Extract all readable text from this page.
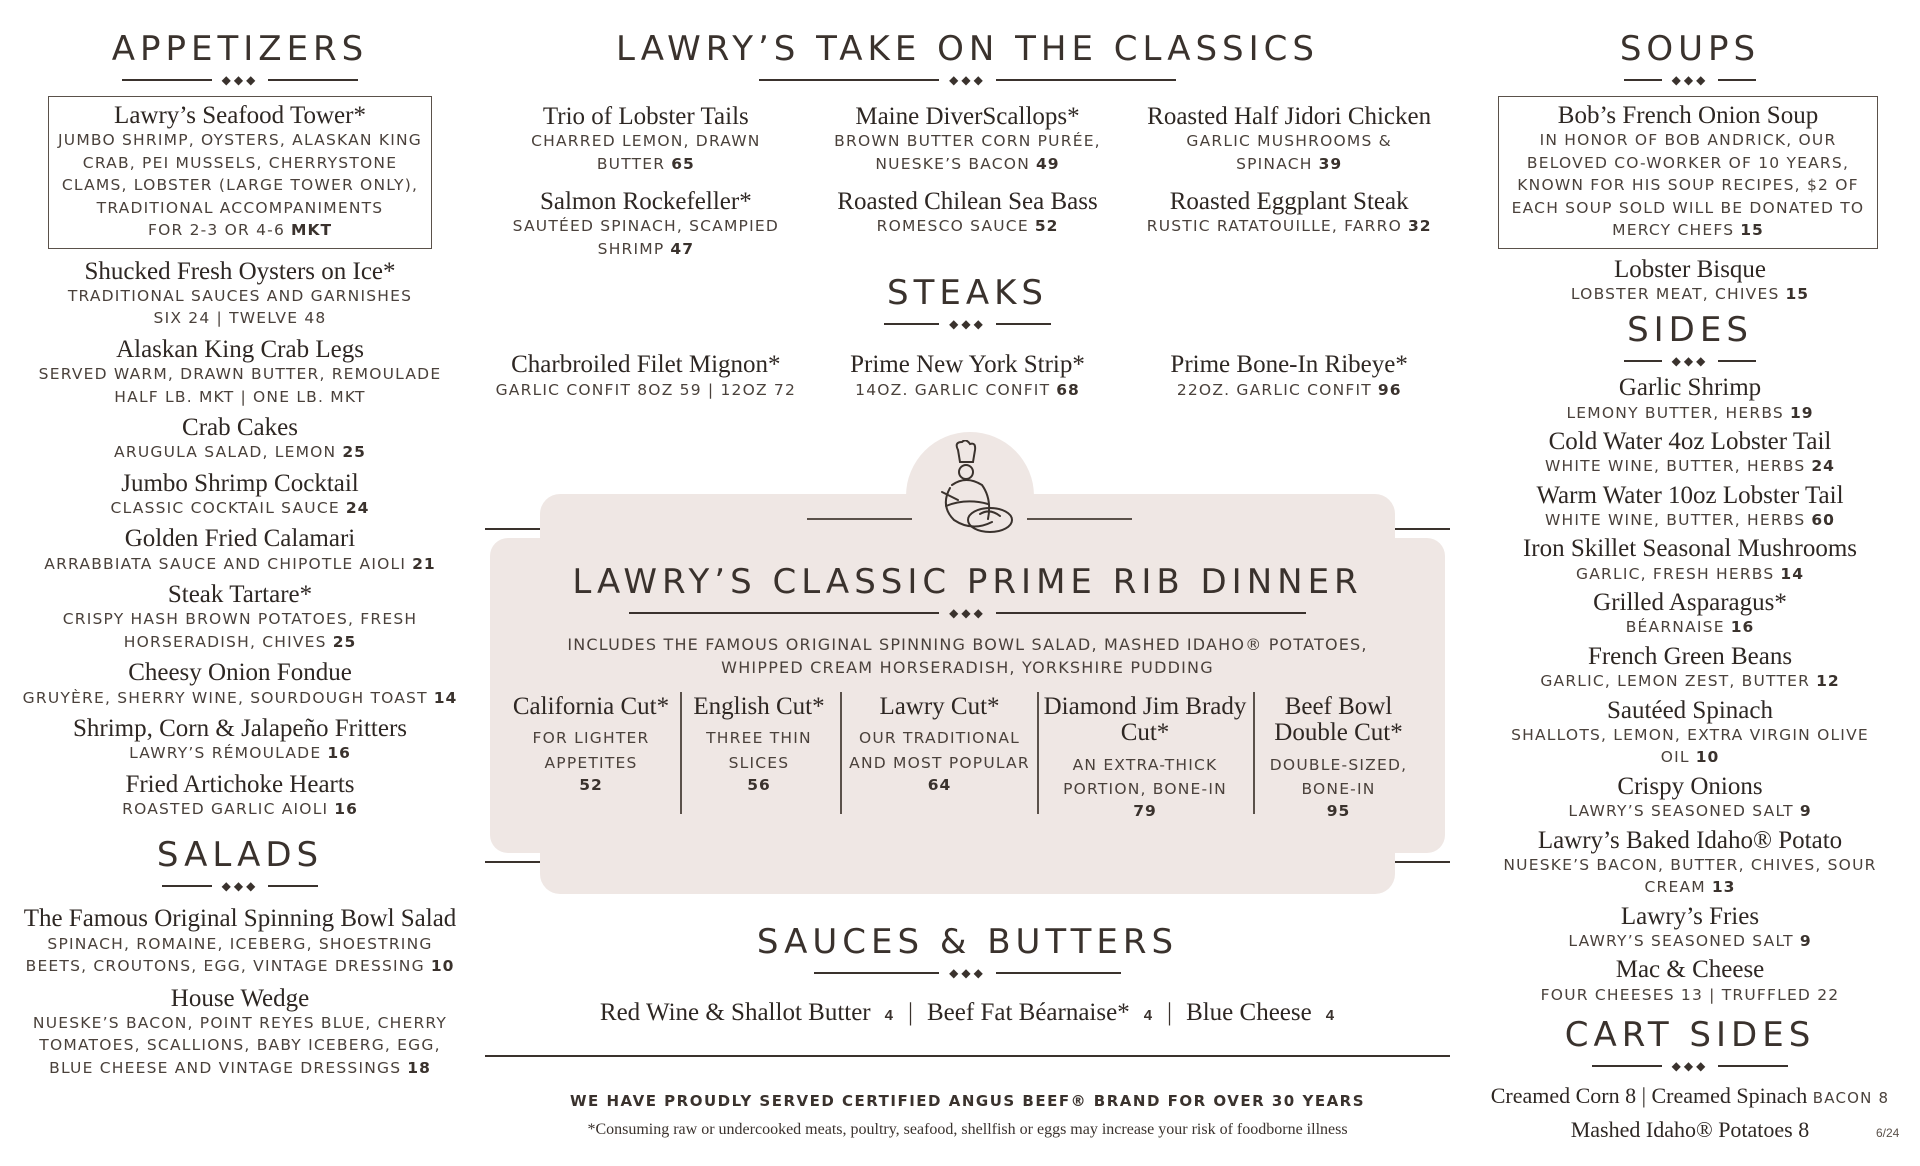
APPETIZERS
◆◆◆
Lawry’s Seafood Tower*
JUMBO SHRIMP, OYSTERS, ALASKAN KING CRAB, PEI MUSSELS, CHERRYSTONE CLAMS, LOBSTER (LARGE TOWER ONLY), TRADITIONAL ACCOMPANIMENTS
FOR 2-3 OR 4-6 MKT
Shucked Fresh Oysters on Ice*
TRADITIONAL SAUCES AND GARNISHES
SIX 24 | TWELVE 48
Alaskan King Crab Legs
SERVED WARM, DRAWN BUTTER, REMOULADE
HALF LB. MKT | ONE LB. MKT
Crab Cakes
ARUGULA SALAD, LEMON 25
Jumbo Shrimp Cocktail
CLASSIC COCKTAIL SAUCE 24
Golden Fried Calamari
ARRABBIATA SAUCE AND CHIPOTLE AIOLI 21
Steak Tartare*
CRISPY HASH BROWN POTATOES, FRESH HORSERADISH, CHIVES 25
Cheesy Onion Fondue
GRUYÈRE, SHERRY WINE, SOURDOUGH TOAST 14
Shrimp, Corn & Jalapeño Fritters
LAWRY’S RÉMOULADE 16
Fried Artichoke Hearts
ROASTED GARLIC AIOLI 16
SALADS
◆◆◆
The Famous Original Spinning Bowl Salad
SPINACH, ROMAINE, ICEBERG, SHOESTRING BEETS, CROUTONS, EGG, VINTAGE DRESSING 10
House Wedge
NUESKE’S BACON, POINT REYES BLUE, CHERRY TOMATOES, SCALLIONS, BABY ICEBERG, EGG, BLUE CHEESE AND VINTAGE DRESSINGS 18
LAWRY’S TAKE ON THE CLASSICS
◆◆◆
Trio of Lobster Tails
CHARRED LEMON, DRAWN BUTTER 65
Maine DiverScallops*
BROWN BUTTER CORN PURÉE, NUESKE’S BACON 49
Roasted Half Jidori Chicken
GARLIC MUSHROOMS & SPINACH 39
Salmon Rockefeller*
SAUTÉED SPINACH, SCAMPIED SHRIMP 47
Roasted Chilean Sea Bass
ROMESCO SAUCE 52
Roasted Eggplant Steak
RUSTIC RATATOUILLE, FARRO 32
STEAKS
◆◆◆
Charbroiled Filet Mignon*
GARLIC CONFIT 8OZ 59 | 12OZ 72
Prime New York Strip*
14OZ. GARLIC CONFIT 68
Prime Bone-In Ribeye*
22OZ. GARLIC CONFIT 96
LAWRY’S CLASSIC PRIME RIB DINNER
◆◆◆
INCLUDES THE FAMOUS ORIGINAL SPINNING BOWL SALAD, MASHED IDAHO® POTATOES,
WHIPPED CREAM HORSERADISH, YORKSHIRE PUDDING
California Cut*
FOR LIGHTER APPETITES
52
English Cut*
THREE THIN SLICES
56
Lawry Cut*
OUR TRADITIONAL AND MOST POPULAR
64
Diamond Jim Brady Cut*
AN EXTRA-THICK PORTION, BONE-IN
79
Beef Bowl Double Cut*
DOUBLE-SIZED, BONE-IN
95
SAUCES & BUTTERS
◆◆◆
Red Wine & Shallot Butter 4 | Beef Fat Béarnaise* 4 | Blue Cheese 4
WE HAVE PROUDLY SERVED CERTIFIED ANGUS BEEF® BRAND FOR OVER 30 YEARS
*Consuming raw or undercooked meats, poultry, seafood, shellfish or eggs may increase your risk of foodborne illness	6/24
SOUPS
◆◆◆
Bob’s French Onion Soup
IN HONOR OF BOB ANDRICK, OUR BELOVED CO-WORKER OF 10 YEARS, KNOWN FOR HIS SOUP RECIPES, $2 OF EACH SOUP SOLD WILL BE DONATED TO MERCY CHEFS 15
Lobster Bisque
LOBSTER MEAT, CHIVES 15
SIDES
◆◆◆
Garlic Shrimp
LEMONY BUTTER, HERBS 19
Cold Water 4oz Lobster Tail
WHITE WINE, BUTTER, HERBS 24
Warm Water 10oz Lobster Tail
WHITE WINE, BUTTER, HERBS 60
Iron Skillet Seasonal Mushrooms
GARLIC, FRESH HERBS 14
Grilled Asparagus*
BÉARNAISE 16
French Green Beans
GARLIC, LEMON ZEST, BUTTER 12
Sautéed Spinach
SHALLOTS, LEMON, EXTRA VIRGIN OLIVE OIL 10
Crispy Onions
LAWRY’S SEASONED SALT 9
Lawry’s Baked Idaho® Potato
NUESKE’S BACON, BUTTER, CHIVES, SOUR CREAM 13
Lawry’s Fries
LAWRY’S SEASONED SALT 9
Mac & Cheese
FOUR CHEESES 13 | TRUFFLED 22
CART SIDES
◆◆◆
Creamed Corn 8 | Creamed Spinach BACON 8
Mashed Idaho® Potatoes 8
